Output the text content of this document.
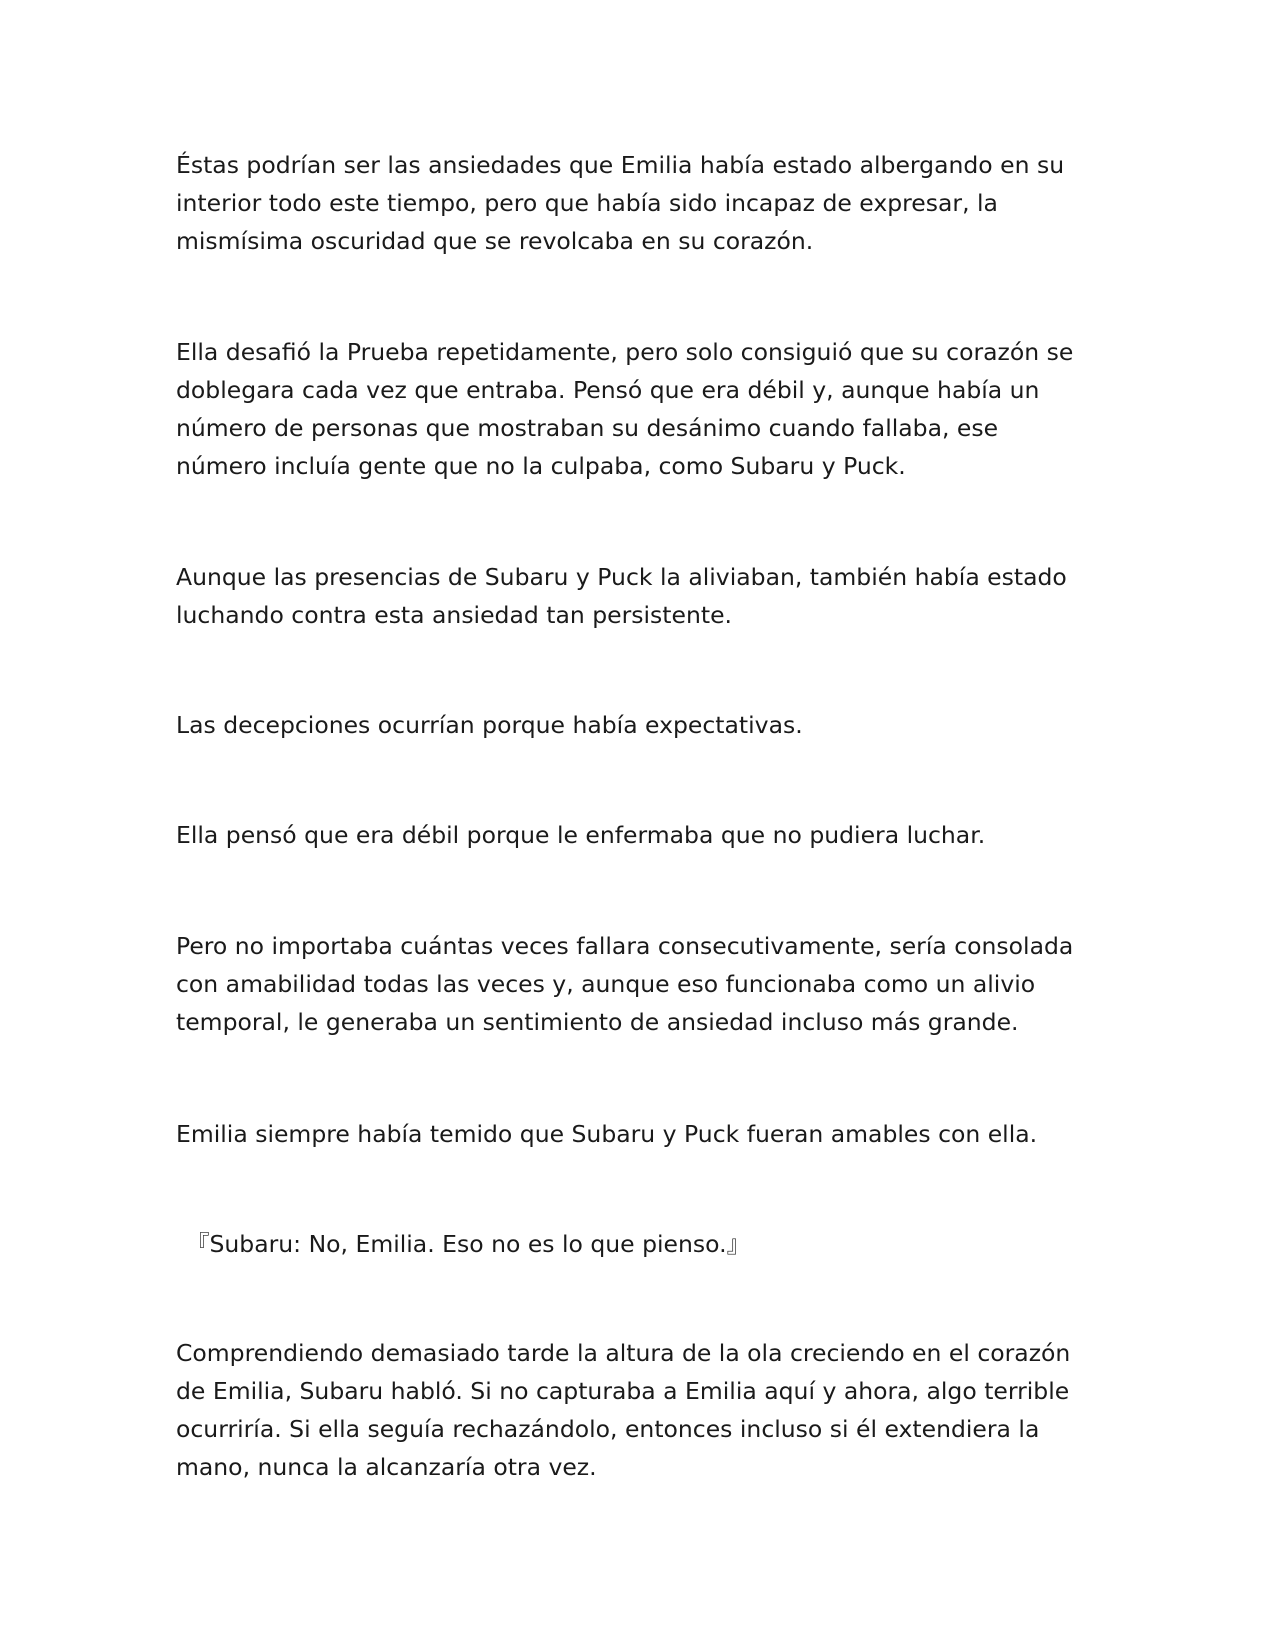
Éstas podrían ser las ansiedades que Emilia había estado albergando en su interior todo este tiempo, pero que había sido incapaz de expresar, la mismísima oscuridad que se revolcaba en su corazón.

Ella desafió la Prueba repetidamente, pero solo consiguió que su corazón se doblegara cada vez que entraba. Pensó que era débil y, aunque había un número de personas que mostraban su desánimo cuando fallaba, ese número incluía gente que no la culpaba, como Subaru y Puck.

Aunque las presencias de Subaru y Puck la aliviaban, también había estado luchando contra esta ansiedad tan persistente.

Las decepciones ocurrían porque había expectativas.

Ella pensó que era débil porque le enfermaba que no pudiera luchar.

Pero no importaba cuántas veces fallara consecutivamente, sería consolada con amabilidad todas las veces y, aunque eso funcionaba como un alivio temporal, le generaba un sentimiento de ansiedad incluso más grande.

Emilia siempre había temido que Subaru y Puck fueran amables con ella.

『Subaru: No, Emilia. Eso no es lo que pienso.』

Comprendiendo demasiado tarde la altura de la ola creciendo en el corazón de Emilia, Subaru habló. Si no capturaba a Emilia aquí y ahora, algo terrible ocurriría. Si ella seguía rechazándolo, entonces incluso si él extendiera la mano, nunca la alcanzaría otra vez.
